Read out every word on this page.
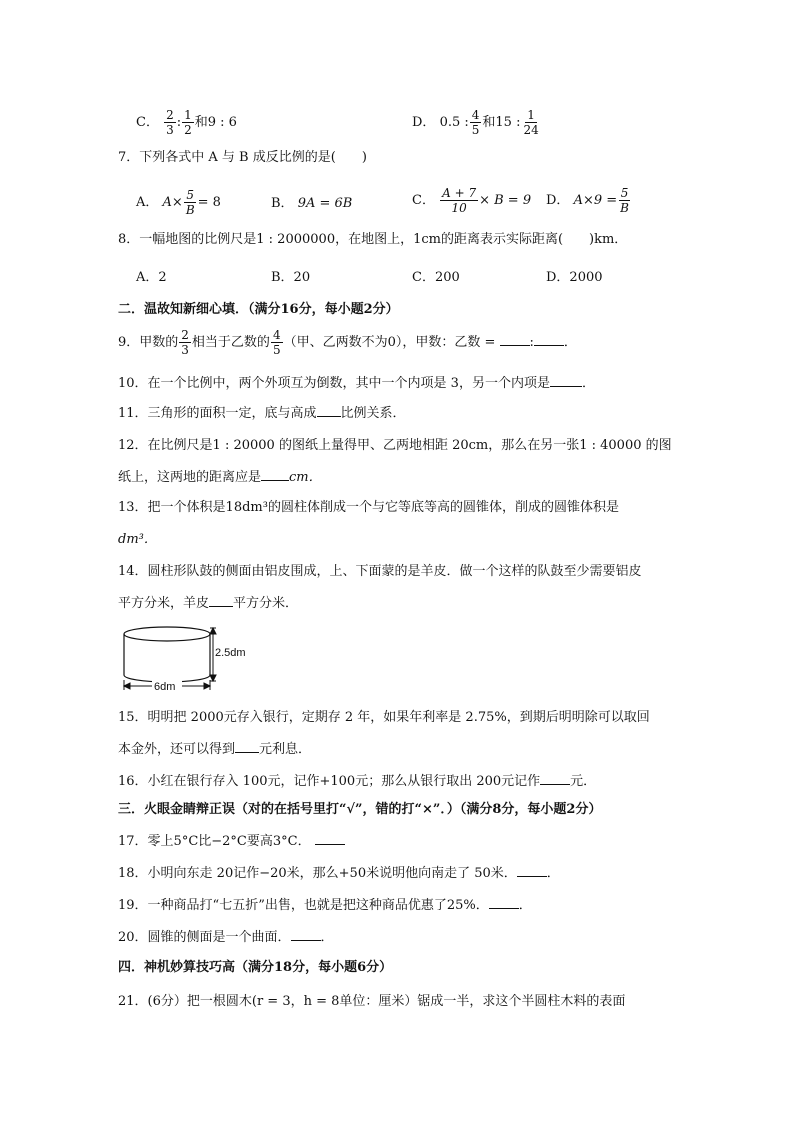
C． $\frac{2}{3}$ : $\frac{1}{2}$ 和9 : 6	D． 0.5 : $\frac{4}{5}$ 和15 : $\frac{1}{24}$
7．下列各式中 A 与 B 成反比例的是(　　)
A． $A\times \frac{5}{B} = 8$	B． 9A = 6B	C． $\frac{A + 7}{10} \times B = 9$ D． $A\times 9 = \frac{5}{B}$
8．一幅地图的比例尺是1 : 2000000，在地图上，1cm的距离表示实际距离(　　)km．
A．2	B．20	C．200	D．2000
二．温故知新细心填．（满分16分，每小题2分）
9．甲数的 $\frac{2}{3}$ 相当于乙数的 $\frac{4}{5}$ （甲、乙两数不为0），甲数：乙数 =	: ．
10．在一个比例中，两个外项互为倒数，其中一个内项是 3，另一个内项是 ．
11．三角形的面积一定，底与高成 比例关系．
12．在比例尺是1 : 20000 的图纸上量得甲、乙两地相距 20cm，那么在另一张1 : 40000 的图
纸上，这两地的距离应是 cm．
13．把一个体积是18dm³的圆柱体削成一个与它等底等高的圆锥体，削成的圆锥体积是
dm³．
14．圆柱形队鼓的侧面由铝皮围成，上、下面蒙的是羊皮．做一个这样的队鼓至少需要铝皮
平方分米，羊皮 平方分米．
2.5dm
6dm
15．明明把 2000元存入银行，定期存 2 年，如果年利率是 2.75%，到期后明明除可以取回
本金外，还可以得到 元利息．
16．小红在银行存入 100元，记作+100元；那么从银行取出 200元记作 元．
三．火眼金睛辩正误（对的在括号里打“√”，错的打“×”．）（满分8分，每小题2分）
17．零上5°C比−2°C要高3°C．
18．小明向东走 20记作−20米，那么+50米说明他向南走了 50米． ．
19．一种商品打“七五折”出售，也就是把这种商品优惠了25%． ．
20．圆锥的侧面是一个曲面． ．
四．神机妙算技巧高（满分18分，每小题6分）
21．(6分）把一根圆木(r = 3，h = 8单位：厘米）锯成一半，求这个半圆柱木料的表面
